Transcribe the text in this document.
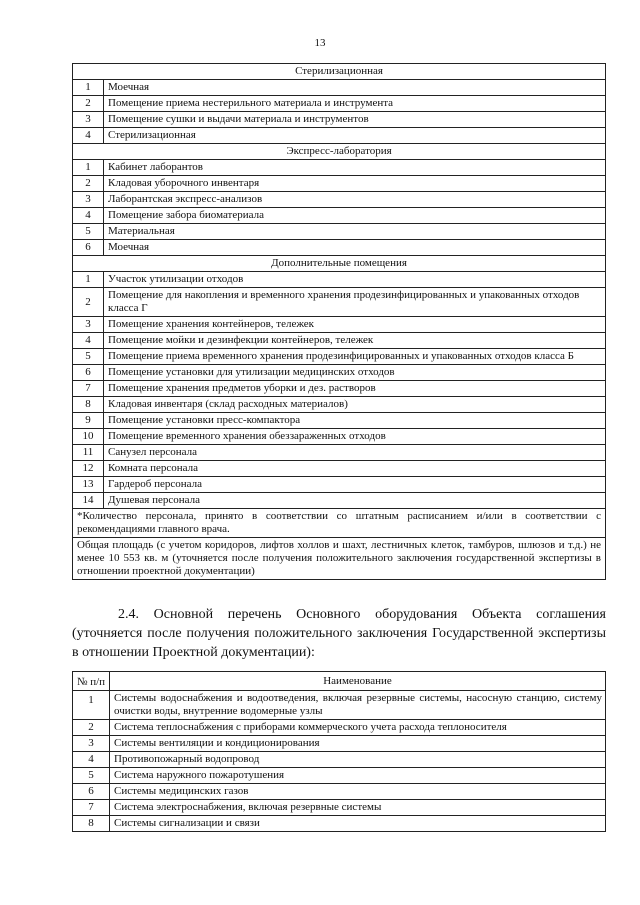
13
Стерилизационная	
1	Моечная
2	Помещение приема нестерильного материала и инструмента
3	Помещение сушки и выдачи материала и инструментов
4	Стерилизационная
Экспресс-лаборатория	
1	Кабинет лаборантов
2	Кладовая уборочного инвентаря
3	Лаборантская экспресс-анализов
4	Помещение забора биоматериала
5	Материальная
6	Моечная
Дополнительные помещения	
1	Участок утилизации отходов
2	Помещение для накопления и временного хранения продезинфицированных и упакованных отходов класса Г
3	Помещение хранения контейнеров, тележек
4	Помещение мойки и дезинфекции контейнеров, тележек
5	Помещение приема временного хранения продезинфицированных и упакованных отходов класса Б
6	Помещение установки для утилизации медицинских отходов
7	Помещение хранения предметов уборки и дез. растворов
8	Кладовая инвентаря (склад расходных материалов)
9	Помещение установки пресс-компактора
10	Помещение временного хранения обеззараженных отходов
11	Санузел персонала
12	Комната персонала
13	Гардероб персонала
14	Душевая персонала
*Количество персонала, принято в соответствии со штатным расписанием и/или в соответствии с рекомендациями главного врача.	
Общая площадь (с учетом коридоров, лифтов холлов и шахт, лестничных клеток, тамбуров, шлюзов и т.д.) не менее 10 553 кв. м (уточняется после получения положительного заключения государственной экспертизы в отношении проектной документации)	

2.4. Основной перечень Основного оборудования Объекта соглашения (уточняется после получения положительного заключения Государственной экспертизы в отношении Проектной документации):

№ п/п	Наименование
1	Системы водоснабжения и водоотведения, включая резервные системы, насосную станцию, систему очистки воды, внутренние водомерные узлы
2	Система теплоснабжения с приборами коммерческого учета расхода теплоносителя
3	Системы вентиляции и кондиционирования
4	Противопожарный водопровод
5	Система наружного пожаротушения
6	Системы медицинских газов
7	Система электроснабжения, включая резервные системы
8	Системы сигнализации и связи
